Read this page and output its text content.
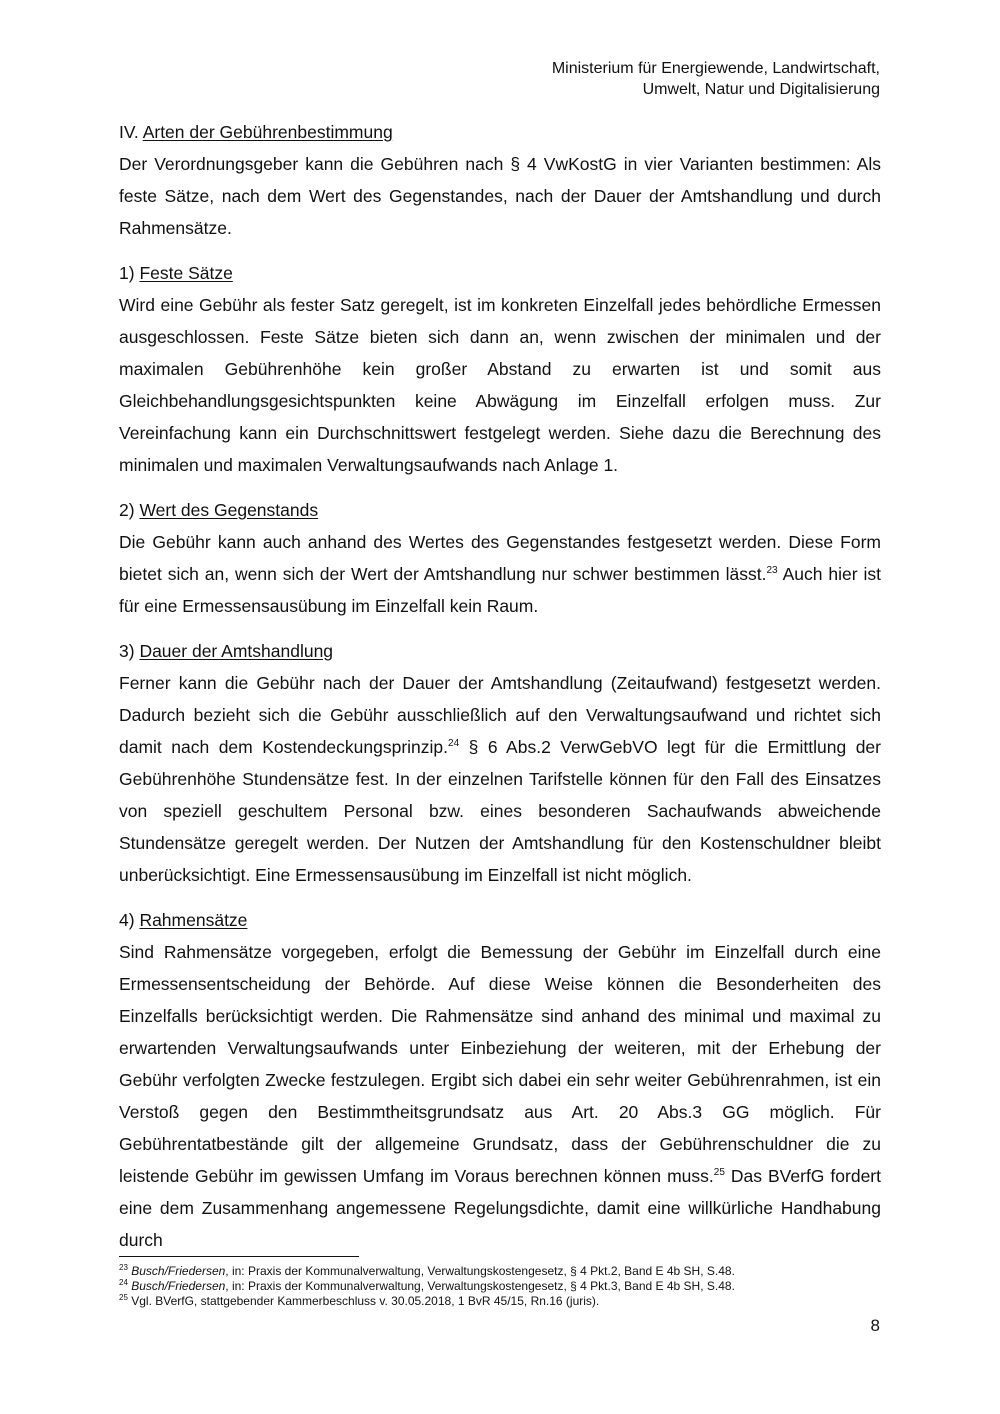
Ministerium für Energiewende, Landwirtschaft,
Umwelt, Natur und Digitalisierung

IV. Arten der Gebührenbestimmung

Der Verordnungsgeber kann die Gebühren nach § 4 VwKostG in vier Varianten bestimmen: Als feste Sätze, nach dem Wert des Gegenstandes, nach der Dauer der Amtshandlung und durch Rahmensätze.

1) Feste Sätze

Wird eine Gebühr als fester Satz geregelt, ist im konkreten Einzelfall jedes behördliche Ermessen ausgeschlossen. Feste Sätze bieten sich dann an, wenn zwischen der minimalen und der maximalen Gebührenhöhe kein großer Abstand zu erwarten ist und somit aus Gleichbehandlungsgesichtspunkten keine Abwägung im Einzelfall erfolgen muss. Zur Vereinfachung kann ein Durchschnittswert festgelegt werden. Siehe dazu die Berechnung des minimalen und maximalen Verwaltungsaufwands nach Anlage 1.

2) Wert des Gegenstands

Die Gebühr kann auch anhand des Wertes des Gegenstandes festgesetzt werden. Diese Form bietet sich an, wenn sich der Wert der Amtshandlung nur schwer bestimmen lässt.$^{23}$ Auch hier ist für eine Ermessensausübung im Einzelfall kein Raum.

3) Dauer der Amtshandlung

Ferner kann die Gebühr nach der Dauer der Amtshandlung (Zeitaufwand) festgesetzt werden. Dadurch bezieht sich die Gebühr ausschließlich auf den Verwaltungsaufwand und richtet sich damit nach dem Kostendeckungsprinzip.$^{24}$ § 6 Abs.2 VerwGebVO legt für die Ermittlung der Gebührenhöhe Stundensätze fest. In der einzelnen Tarifstelle können für den Fall des Einsatzes von speziell geschultem Personal bzw. eines besonderen Sachaufwands abweichende Stundensätze geregelt werden. Der Nutzen der Amtshandlung für den Kostenschuldner bleibt unberücksichtigt. Eine Ermessensausübung im Einzelfall ist nicht möglich.

4) Rahmensätze

Sind Rahmensätze vorgegeben, erfolgt die Bemessung der Gebühr im Einzelfall durch eine Ermessensentscheidung der Behörde. Auf diese Weise können die Besonderheiten des Einzelfalls berücksichtigt werden. Die Rahmensätze sind anhand des minimal und maximal zu erwartenden Verwaltungsaufwands unter Einbeziehung der weiteren, mit der Erhebung der Gebühr verfolgten Zwecke festzulegen. Ergibt sich dabei ein sehr weiter Gebührenrahmen, ist ein Verstoß gegen den Bestimmtheitsgrundsatz aus Art. 20 Abs.3 GG möglich. Für Gebührentatbestände gilt der allgemeine Grundsatz, dass der Gebührenschuldner die zu leistende Gebühr im gewissen Umfang im Voraus berechnen können muss.$^{25}$ Das BVerfG fordert eine dem Zusammenhang angemessene Regelungsdichte, damit eine willkürliche Handhabung durch

$^{23}$ Busch/Friedersen, in: Praxis der Kommunalverwaltung, Verwaltungskostengesetz, § 4 Pkt.2, Band E 4b SH, S.48.
$^{24}$ Busch/Friedersen, in: Praxis der Kommunalverwaltung, Verwaltungskostengesetz, § 4 Pkt.3, Band E 4b SH, S.48.
$^{25}$ Vgl. BVerfG, stattgebender Kammerbeschluss v. 30.05.2018, 1 BvR 45/15, Rn.16 (juris).
8
